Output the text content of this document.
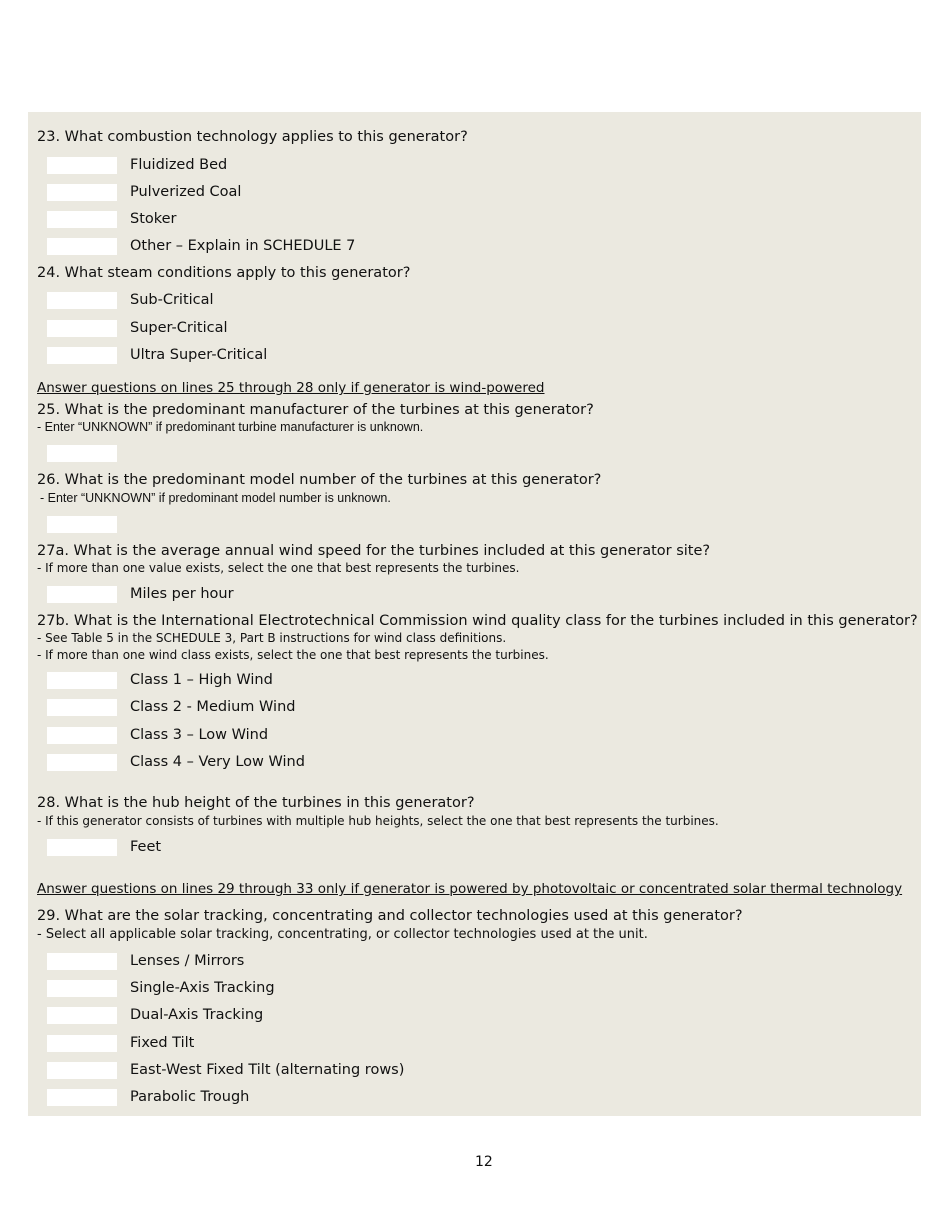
23. What combustion technology applies to this generator?
Fluidized Bed
Pulverized Coal
Stoker
Other – Explain in SCHEDULE 7
24. What steam conditions apply to this generator?
Sub-Critical
Super-Critical
Ultra Super-Critical
Answer questions on lines 25 through 28 only if generator is wind-powered
25. What is the predominant manufacturer of the turbines at this generator?
- Enter “UNKNOWN” if predominant turbine manufacturer is unknown.
26. What is the predominant model number of the turbines at this generator?
- Enter “UNKNOWN” if predominant model number is unknown.
27a. What is the average annual wind speed for the turbines included at this generator site?
- If more than one value exists, select the one that best represents the turbines.
Miles per hour
27b. What is the International Electrotechnical Commission wind quality class for the turbines included in this generator?
- See Table 5 in the SCHEDULE 3, Part B instructions for wind class definitions.
- If more than one wind class exists, select the one that best represents the turbines.
Class 1 – High Wind
Class 2 - Medium Wind
Class 3 – Low Wind
Class 4 – Very Low Wind
28. What is the hub height of the turbines in this generator?
- If this generator consists of turbines with multiple hub heights, select the one that best represents the turbines.
Feet
Answer questions on lines 29 through 33 only if generator is powered by photovoltaic or concentrated solar thermal technology
29. What are the solar tracking, concentrating and collector technologies used at this generator?
- Select all applicable solar tracking, concentrating, or collector technologies used at the unit.
Lenses / Mirrors
Single-Axis Tracking
Dual-Axis Tracking
Fixed Tilt
East-West Fixed Tilt (alternating rows)
Parabolic Trough
12
